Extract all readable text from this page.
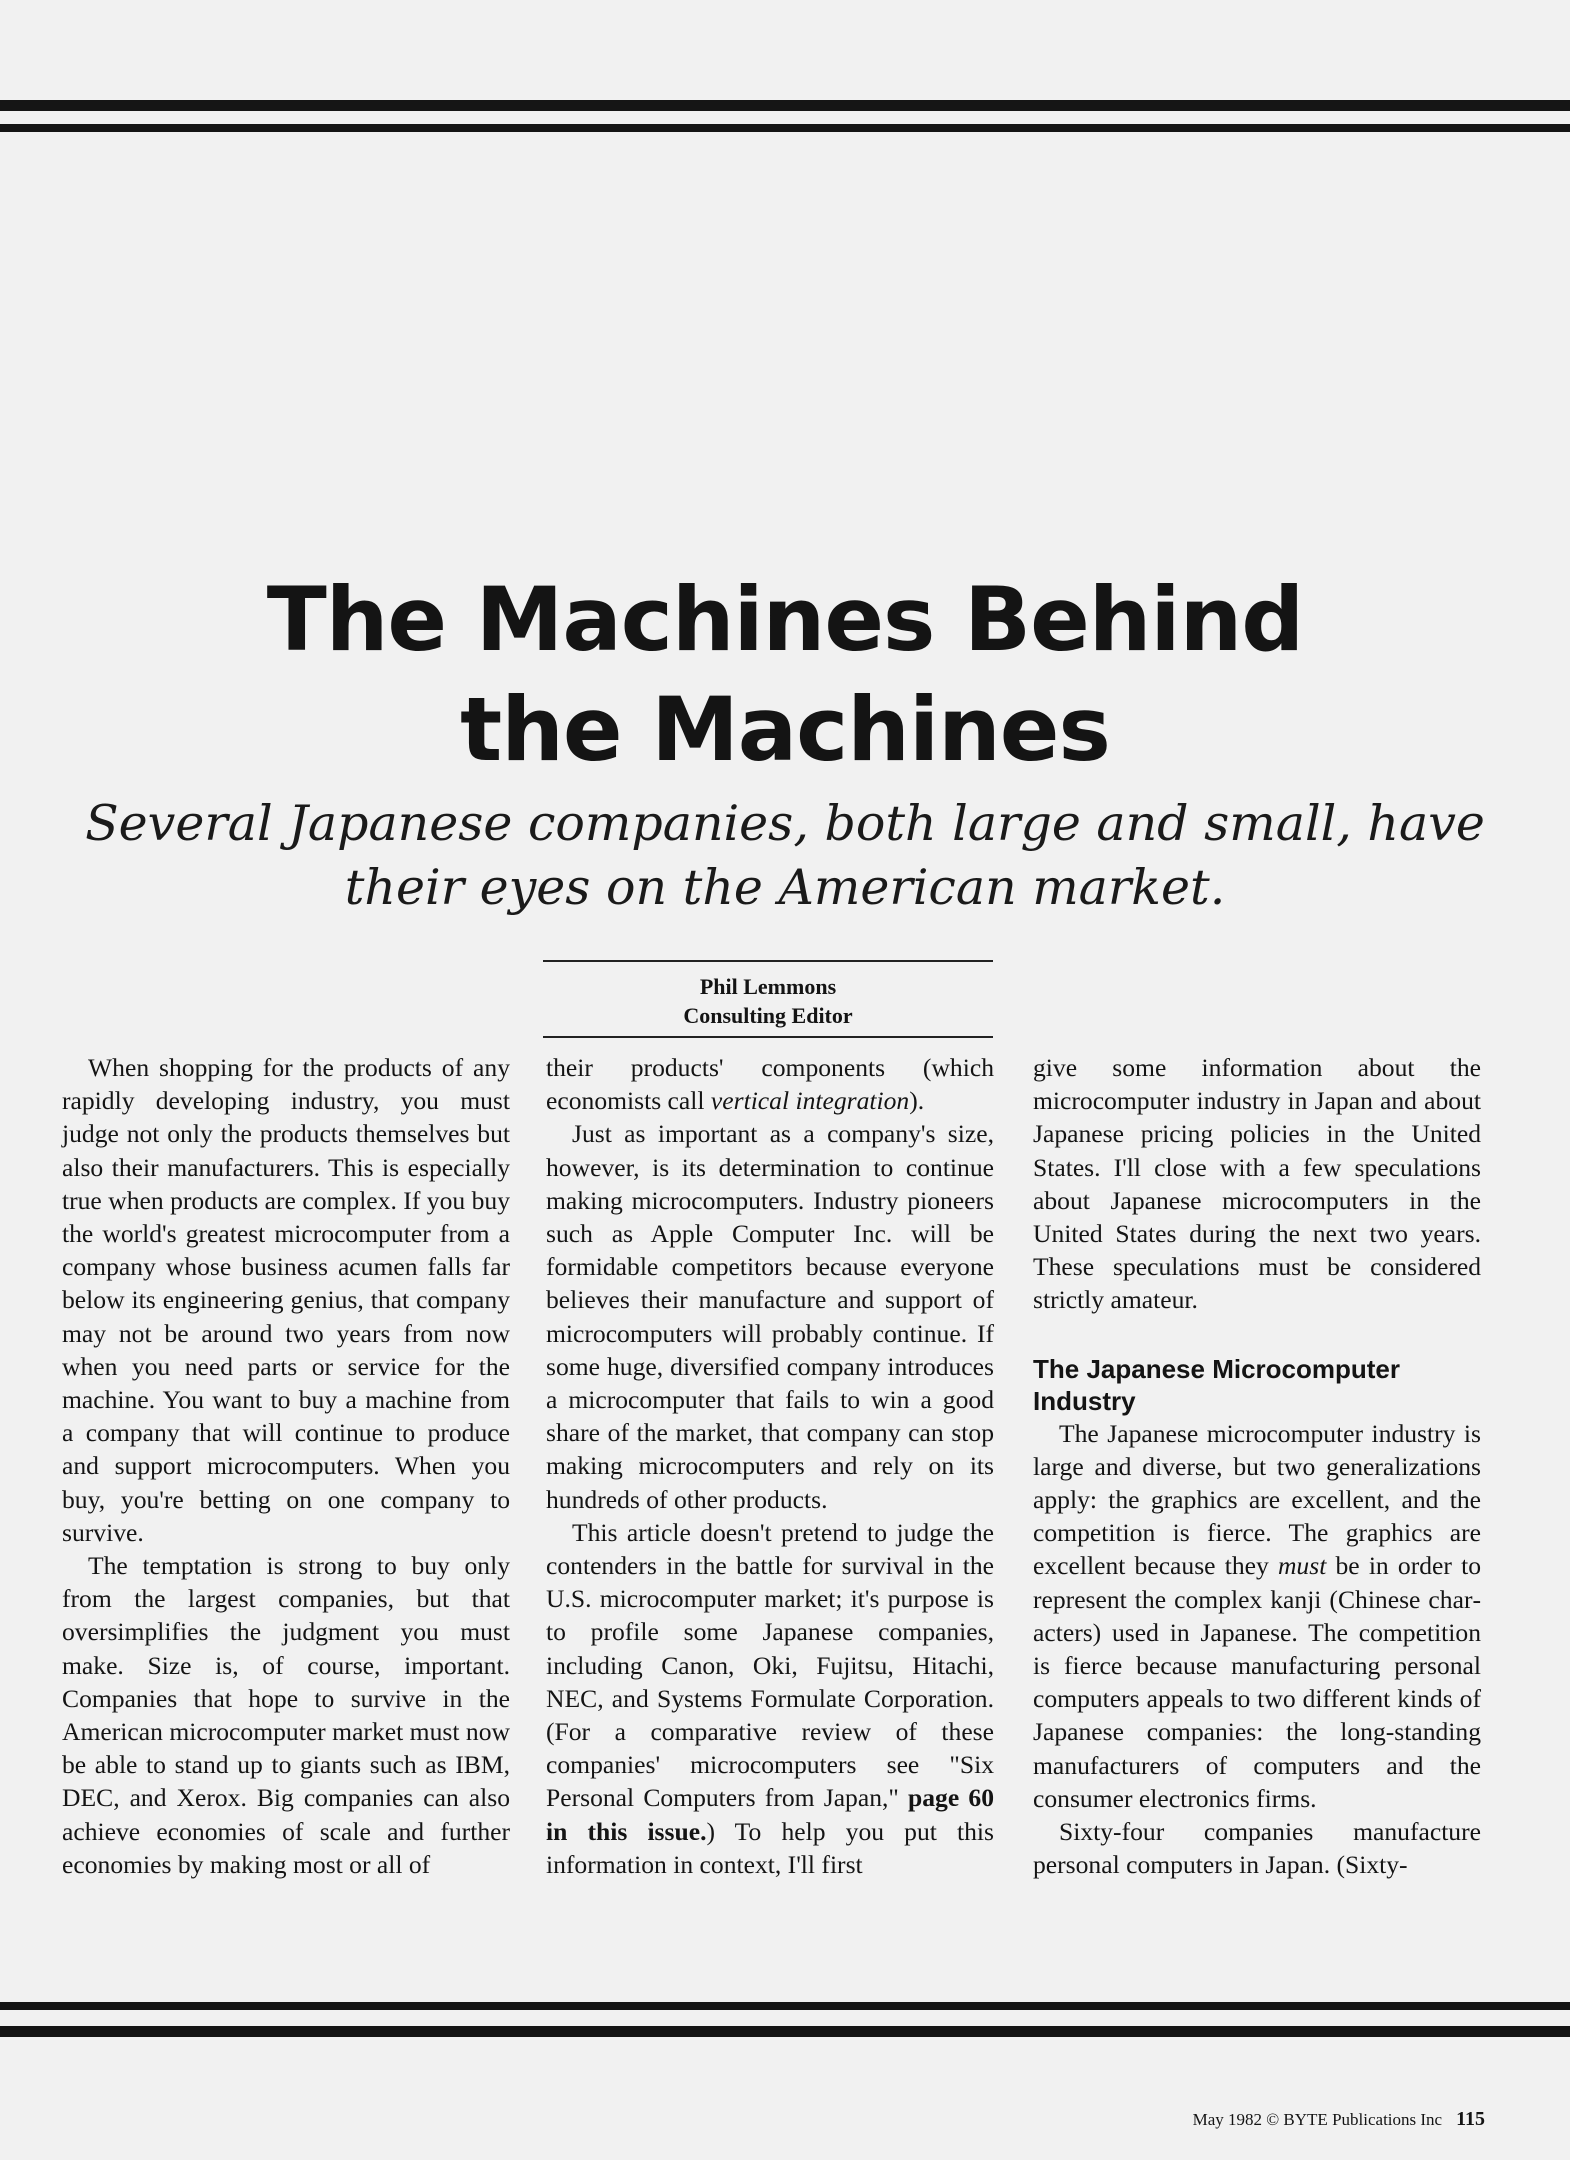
The Machines Behind
the Machines

Several Japanese companies, both large and small, have their eyes on the American market.

Phil Lemmons
Consulting Editor

When shopping for the products of any rapidly developing industry, you must judge not only the products themselves but also their manufacturers. This is especially true when products are complex. If you buy the world's greatest microcomputer from a company whose business acumen falls far below its engineering genius, that company may not be around two years from now when you need parts or service for the machine. You want to buy a machine from a company that will continue to produce and support microcomputers. When you buy, you're betting on one company to survive.

The temptation is strong to buy only from the largest companies, but that oversimplifies the judgment you must make. Size is, of course, important. Companies that hope to survive in the American microcomputer market must now be able to stand up to giants such as IBM, DEC, and Xerox. Big companies can also achieve economies of scale and further economies by making most or all of

their products' components (which economists call vertical integration).

Just as important as a company's size, however, is its determination to continue making microcomputers. Industry pioneers such as Apple Computer Inc. will be formidable competitors because everyone believes their manufacture and support of microcomputers will probably continue. If some huge, diversified company introduces a microcomputer that fails to win a good share of the market, that company can stop making microcomputers and rely on its hundreds of other products.

This article doesn't pretend to judge the contenders in the battle for survival in the U.S. microcomputer market; it's purpose is to profile some Japanese companies, including Canon, Oki, Fujitsu, Hitachi, NEC, and Systems Formulate Corporation. (For a comparative review of these companies' microcomputers see "Six Personal Computers from Japan," page 60 in this issue.) To help you put this information in context, I'll first

give some information about the microcomputer industry in Japan and about Japanese pricing policies in the United States. I'll close with a few speculations about Japanese microcomputers in the United States during the next two years. These speculations must be considered strictly amateur.

The Japanese Microcomputer Industry

The Japanese microcomputer industry is large and diverse, but two generalizations apply: the graphics are excellent, and the competition is fierce. The graphics are excellent because they must be in order to represent the complex kanji (Chinese characters) used in Japanese. The competition is fierce because manufacturing personal computers appeals to two different kinds of Japanese companies: the long-standing manufacturers of computers and the consumer electronics firms.

Sixty-four companies manufacture personal computers in Japan. (Sixty-

May 1982 © BYTE Publications Inc 115
